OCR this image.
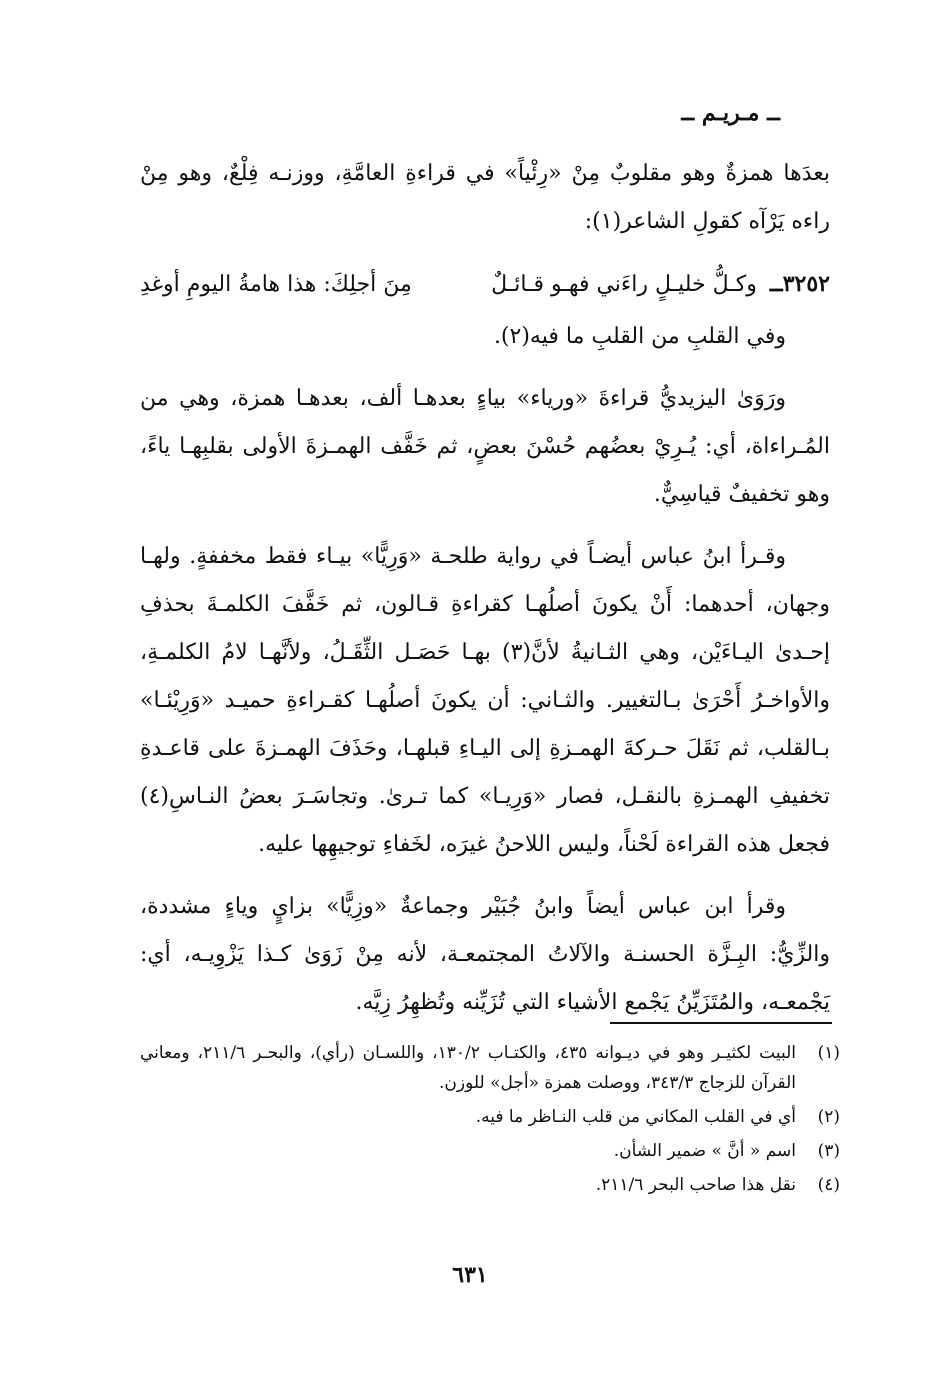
ــ مـريـم ــ

بعدَها همزةٌ وهو مقلوبٌ مِنْ «رِئْياً» في قراءةِ العامَّةِ، ووزنـه فِلْعٌ، وهو مِنْ راءه يَرْآه كقولِ الشاعر(١):

٣٢٥٢ــ وكـلُّ خليـلٍ راءَني فهـو قـائـلٌ
مِنَ أجلِكَ: هذا هامةُ اليومِ أوغدِ

وفي القلبِ من القلبِ ما فيه(٢).

ورَوَىٰ اليزيديُّ قراءةَ «ورياء» بياءٍ بعدهـا ألف، بعدهـا همزة، وهي من المُـراءاة، أي: يُـرِيْ بعضُهم حُسْنَ بعضٍ، ثم خَفَّف الهمـزةَ الأولى بقلبِهـا ياءً، وهو تخفيفٌ قياسِيٌّ.

وقـرأ ابنُ عباس أيضـاً في رواية طلحـة «وَرِيًّا» بيـاء فقط مخففةٍ. ولهـا وجهان، أحدهما: أَنْ يكونَ أصلُهـا كقراءةِ قـالون، ثم خَفَّفَ الكلمـةَ بحذفِ إحـدىٰ اليـاءَيْن، وهي الثـانيةُ لأنَّ(٣) بهـا حَصَـل الثِّقَـلُ، ولأنَّهـا لامُ الكلمـةِ، والأواخـرُ أَحْرَىٰ بـالتغيير. والثـاني: أن يكونَ أصلُهـا كقـراءةِ حميـد «وَرِيْئـا» بـالقلب، ثم نَقَلَ حـركةَ الهمـزةِ إلى اليـاءِ قبلهـا، وحَذَفَ الهمـزةَ على قاعـدةِ تخفيفِ الهمـزةِ بالنقـل، فصار «وَرِيـا» كما تـرىٰ. وتجاسَـرَ بعضُ النـاسِ(٤) فجعل هذه القراءة لَحْناً، وليس اللاحنُ غيرَه، لخَفاءِ توجيهِها عليه.

وقرأ ابن عباس أيضاً وابنُ جُبَيْر وجماعةٌ «وزِيًّا» بزايٍ وياءٍ مشددة، والزِّيُّ: البِـزَّة الحسنـة والآلاتُ المجتمعـة، لأنه مِنْ زَوَىٰ كـذا يَزْوِيـه، أي: يَجْمعـه، والمُتَزَيِّنُ يَجْمع الأشياء التي تُزَيِّنه وتُظهِرُ زِيَّه.

(١)
البيت لكثيـر وهو في ديـوانه ٤٣٥، والكتـاب ١٣٠/٢، واللسـان (رأي)، والبحـر ٢١١/٦، ومعاني القرآن للزجاج ٣٤٣/٣، ووصلت همزة «أجل» للوزن.
(٢)
أي في القلب المكاني من قلب النـاظر ما فيه.
(٣)
اسم « أنَّ » ضمير الشأن.
(٤)
نقل هذا صاحب البحر ٢١١/٦.
٦٣١
